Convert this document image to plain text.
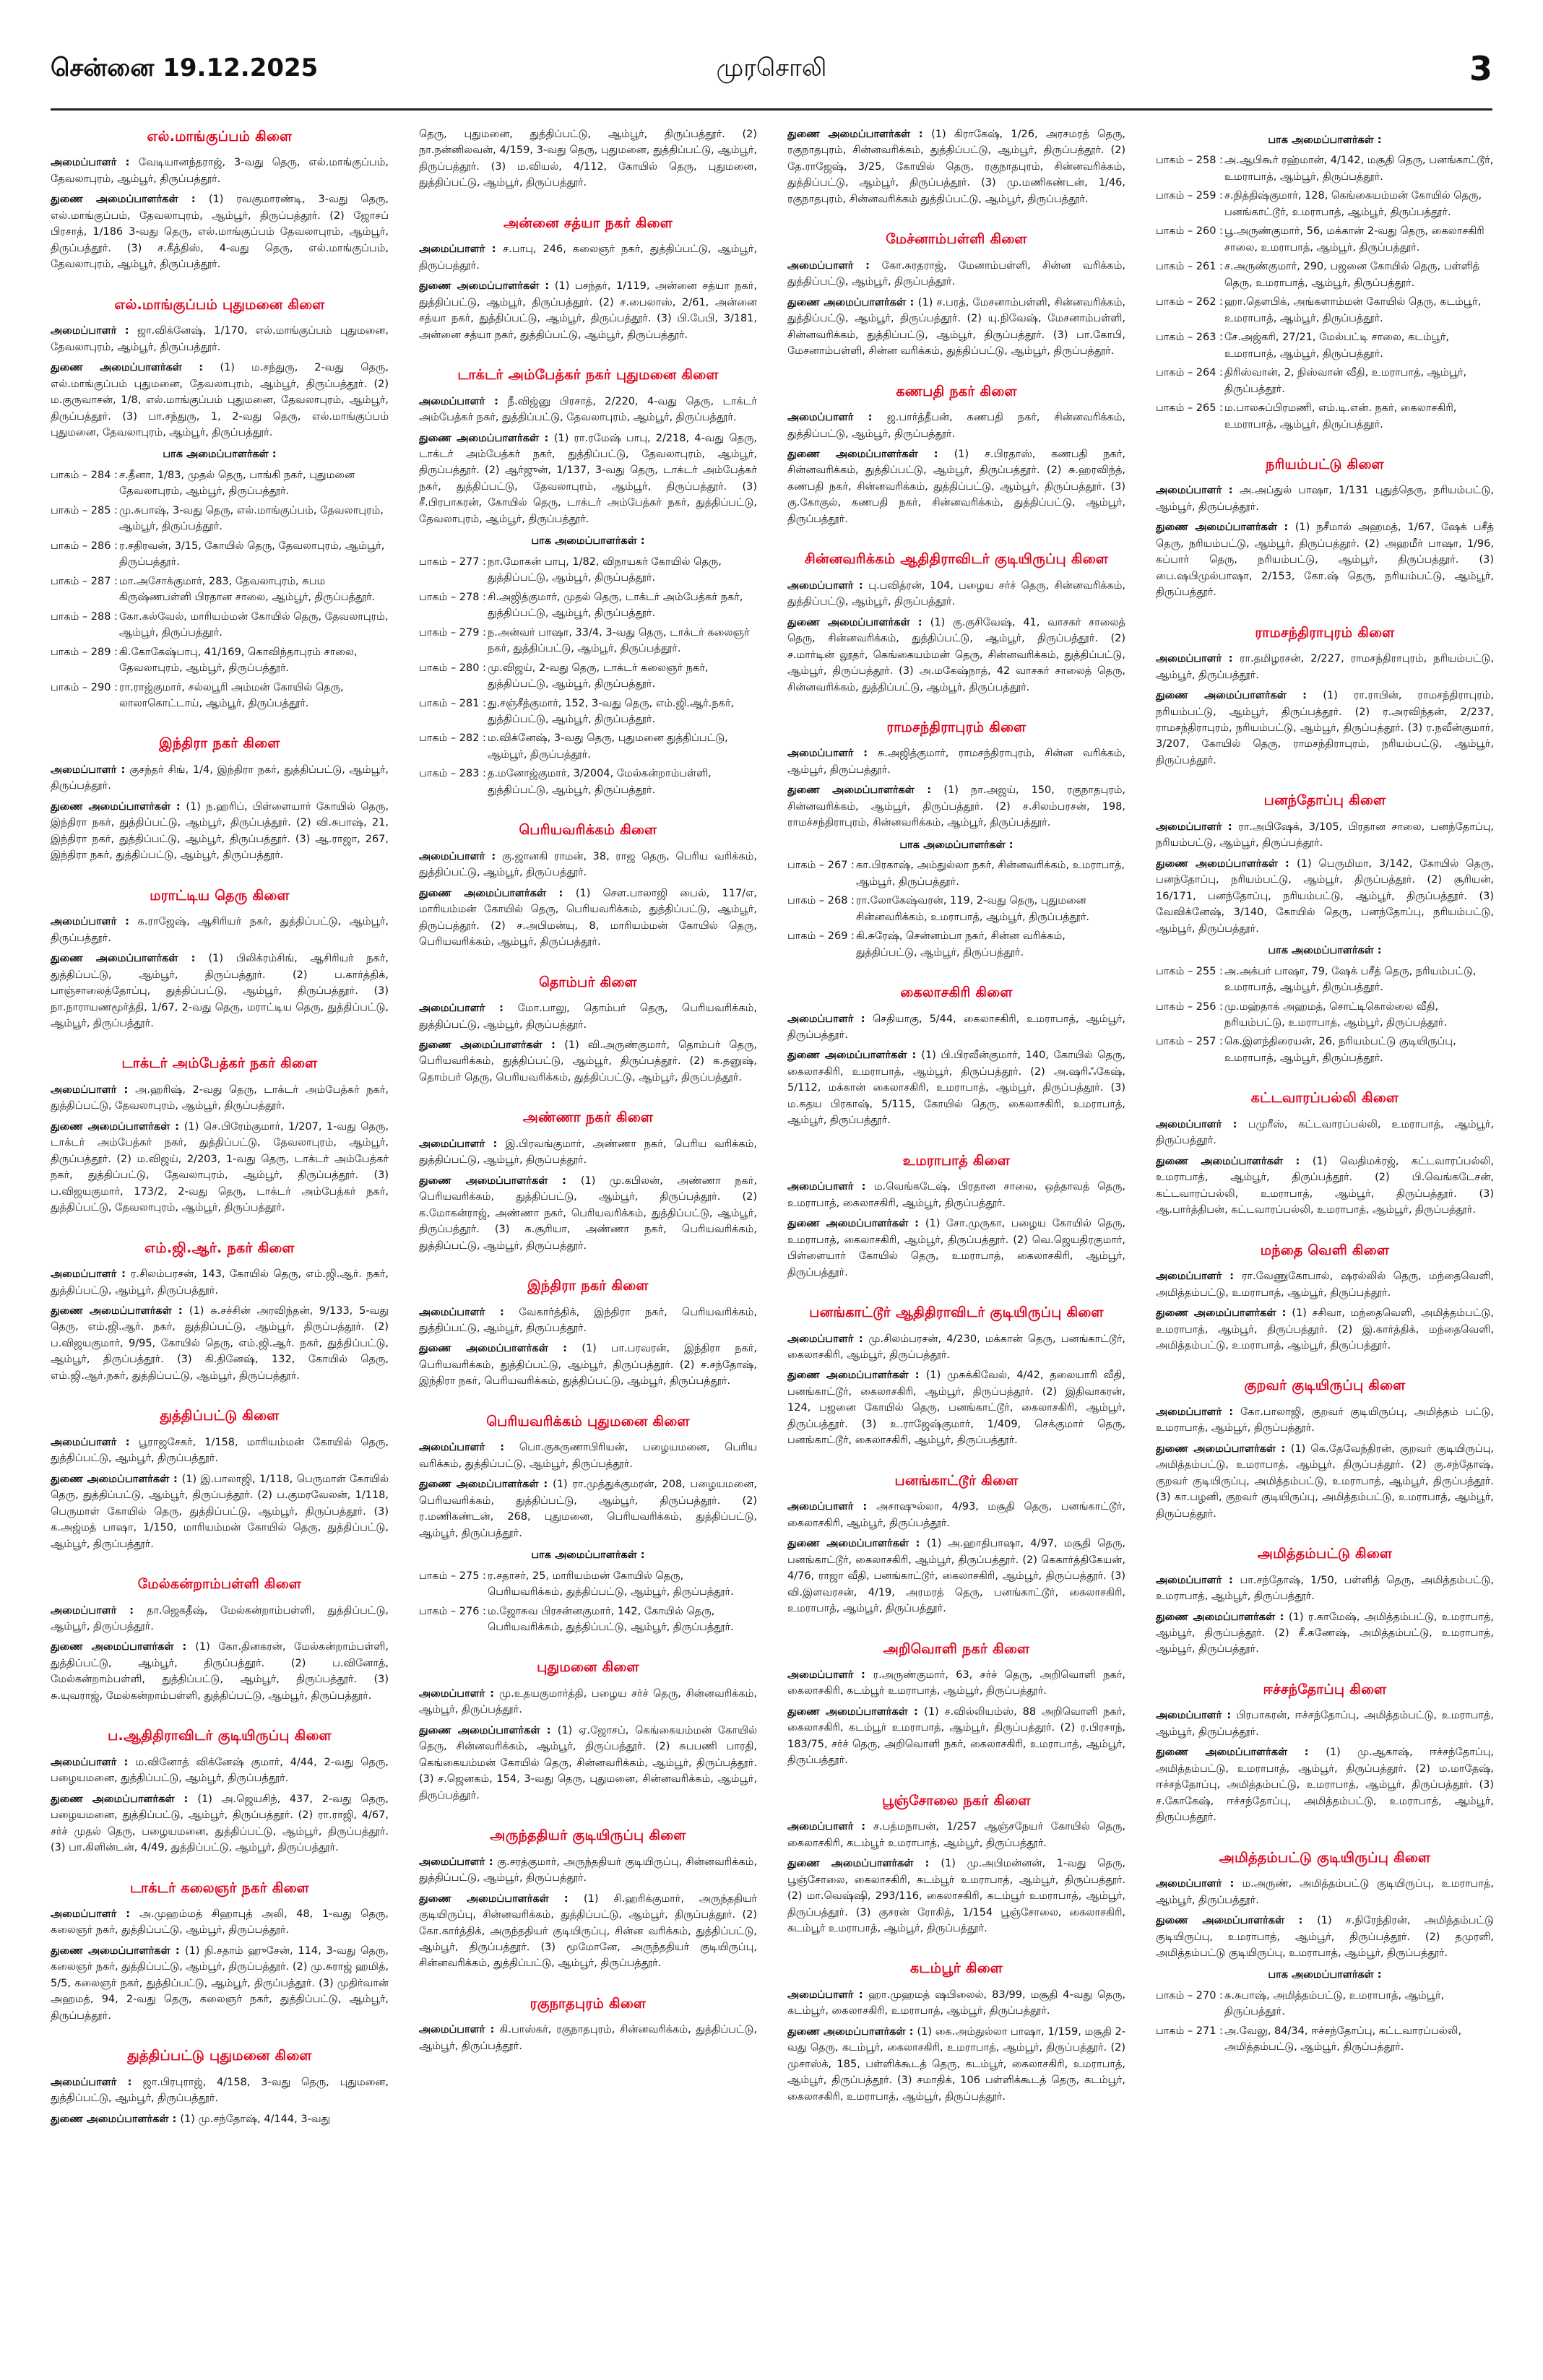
சென்னை 19.12.2025	முரசொலி	3
எல்.மாங்குப்பம் கிளை

அமைப்பாளர் : வேடியானந்தராஜ், 3-வது தெரு, எல்.மாங்குப்பம், தேவலாபுரம், ஆம்பூர், திருப்பத்தூர்.

துணை அமைப்பாளர்கள் : (1) ரவகுமாரண்டி, 3-வது தெரு, எல்.மாங்குப்பம், தேவலாபுரம், ஆம்பூர், திருப்பத்தூர். (2) ஜோசப் பிரசாத், 1/186 3-வது தெரு, எல்.மாங்குப்பம் தேவலாபுரம், ஆம்பூர், திருப்பத்தூர். (3) ச.கீத்திஸ், 4-வது தெரு, எல்.மாங்குப்பம், தேவலாபுரம், ஆம்பூர், திருப்பத்தூர்.

எல்.மாங்குப்பம் புதுமனை கிளை

அமைப்பாளர் : ஜா.விக்னேஷ், 1/170, எல்.மாங்குப்பம் புதுமனை, தேவலாபுரம், ஆம்பூர், திருப்பத்தூர்.

துணை அமைப்பாளர்கள் : (1) ம.சந்துரு, 2-வது தெரு, எல்.மாங்குப்பம் புதுமனை, தேவலாபுரம், ஆம்பூர், திருப்பத்தூர். (2) ம.குருவாசன், 1/8, எல்.மாங்குப்பம் புதுமனை, தேவலாபுரம், ஆம்பூர், திருப்பத்தூர். (3) பா.சந்துரு, 1, 2-வது தெரு, எல்.மாங்குப்பம் புதுமனை, தேவலாபுரம், ஆம்பூர், திருப்பத்தூர்.

பாக அமைப்பாளர்கள் :
பாகம் – 284 : ச.தீனா, 1/83, முதல் தெரு, பாங்கி நகர், புதுமனை தேவலாபுரம், ஆம்பூர், திருப்பத்தூர்.
பாகம் – 285 : மு.சுபாஷ், 3-வது தெரு, எல்.மாங்குப்பம், தேவலாபுரம், ஆம்பூர், திருப்பத்தூர்.
பாகம் – 286 : ர.சதிரவன், 3/15, கோயில் தெரு, தேவலாபுரம், ஆம்பூர், திருப்பத்தூர்.
பாகம் – 287 : மா.அசோக்குமார், 283, தேவலாபுரம், சுபம கிருஷ்ணபள்ளி பிரதான சாலை, ஆம்பூர், திருப்பத்தூர்.
பாகம் – 288 : கோ.கல்வேல், மாரியம்மன் கோயில் தெரு, தேவலாபுரம், ஆம்பூர், திருப்பத்தூர்.
பாகம் – 289 : கி.கோகேஷ்பாபு, 41/169, கொவிந்தாபுரம் சாலை, தேவலாபுரம், ஆம்பூர், திருப்பத்தூர்.
பாகம் – 290 : ரா.ராஜ்குமார், சல்லபூரி அம்மன் கோயில் தெரு, லாலாகொட்டாய், ஆம்பூர், திருப்பத்தூர்.
இந்திரா நகர் கிளை

அமைப்பாளர் : குசந்தர் சிங், 1/4, இந்திரா நகர், துத்திப்பட்டு, ஆம்பூர், திருப்பத்தூர்.

துணை அமைப்பாளர்கள் : (1) ந.ஹரிப், பிள்ளையார் கோயில் தெரு, இந்திரா நகர், துத்திப்பட்டு, ஆம்பூர், திருப்பத்தூர். (2) வி.சுபாஷ், 21, இந்திரா நகர், துத்திப்பட்டு, ஆம்பூர், திருப்பத்தூர். (3) ஆ.ராஜா, 267, இந்திரா நகர், துத்திப்பட்டு, ஆம்பூர், திருப்பத்தூர்.

மராட்டிய தெரு கிளை

அமைப்பாளர் : க.ராஜேஷ், ஆசிரியர் நகர், துத்திப்பட்டு, ஆம்பூர், திருப்பத்தூர்.

துணை அமைப்பாளர்கள் : (1) பிலிக்ரம்சிங், ஆசிரியர் நகர், துத்திப்பட்டு, ஆம்பூர், திருப்பத்தூர். (2) ப.கார்த்திக், பாஞ்சாலைத்தோப்பு, துத்திப்பட்டு, ஆம்பூர், திருப்பத்தூர். (3) நா.நாராயணமூர்த்தி, 1/67, 2-வது தெரு, மராட்டிய தெரு, துத்திப்பட்டு, ஆம்பூர், திருப்பத்தூர்.

டாக்டர் அம்பேத்கர் நகர் கிளை

அமைப்பாளர் : அ.ஹரிஷ், 2-வது தெரு, டாக்டர் அம்பேத்கர் நகர், துத்திப்பட்டு, தேவலாபுரம், ஆம்பூர், திருப்பத்தூர்.

துணை அமைப்பாளர்கள் : (1) செ.பிரேம்குமார், 1/207, 1-வது தெரு, டாக்டர் அம்பேத்கர் நகர், துத்திப்பட்டு, தேவலாபுரம், ஆம்பூர், திருப்பத்தூர். (2) ம.விஜய், 2/203, 1-வது தெரு, டாக்டர் அம்பேத்கர் நகர், துத்திப்பட்டு, தேவலாபுரம், ஆம்பூர், திருப்பத்தூர். (3) ப.விஜயகுமார், 173/2, 2-வது தெரு, டாக்டர் அம்பேத்கர் நகர், துத்திப்பட்டு, தேவலாபுரம், ஆம்பூர், திருப்பத்தூர்.

எம்.ஜி.ஆர். நகர் கிளை

அமைப்பாளர் : ர.சிலம்பரசன், 143, கோயில் தெரு, எம்.ஜி.ஆர். நகர், துத்திப்பட்டு, ஆம்பூர், திருப்பத்தூர்.

துணை அமைப்பாளர்கள் : (1) சு.சச்சின் அரவிந்தன், 9/133, 5-வது தெரு, எம்.ஜி.ஆர். நகர், துத்திப்பட்டு, ஆம்பூர், திருப்பத்தூர். (2) ப.விஜயகுமார், 9/95, கோயில் தெரு, எம்.ஜி.ஆர். நகர், துத்திப்பட்டு, ஆம்பூர், திருப்பத்தூர். (3) கி.தினேஷ், 132, கோயில் தெரு, எம்.ஜி.ஆர்.நகர், துத்திப்பட்டு, ஆம்பூர், திருப்பத்தூர்.

துத்திப்பட்டு கிளை

அமைப்பாளர் : பூராஜசேகர், 1/158, மாரியம்மன் கோயில் தெரு, துத்திப்பட்டு, ஆம்பூர், திருப்பத்தூர்.

துணை அமைப்பாளர்கள் : (1) இ.பாலாஜி, 1/118, பெருமாள் கோயில் தெரு, துத்திப்பட்டு, ஆம்பூர், திருப்பத்தூர். (2) ப.குமரவேலன், 1/118, பெருமாள் கோயில் தெரு, துத்திப்பட்டு, ஆம்பூர், திருப்பத்தூர். (3) க.அஜ்மத் பாஷா, 1/150, மாரியம்மன் கோயில் தெரு, துத்திப்பட்டு, ஆம்பூர், திருப்பத்தூர்.

மேல்கன்றாம்பள்ளி கிளை

அமைப்பாளர் : தா.ஜெகதீஷ், மேல்கன்றாம்பள்ளி, துத்திப்பட்டு, ஆம்பூர், திருப்பத்தூர்.

துணை அமைப்பாளர்கள் : (1) கோ.தினகரன், மேல்கன்றாம்பள்ளி, துத்திப்பட்டு, ஆம்பூர், திருப்பத்தூர். (2) ப.வினோத், மேல்கன்றாம்பள்ளி, துத்திப்பட்டு, ஆம்பூர், திருப்பத்தூர். (3) சு.யுவராஜ், மேல்கன்றாம்பள்ளி, துத்திப்பட்டு, ஆம்பூர், திருப்பத்தூர்.

ப.ஆதிதிராவிடர் குடியிருப்பு கிளை

அமைப்பாளர் : ம.வினோத் விக்னேஷ் குமார், 4/44, 2-வது தெரு, பழையமனை, துத்திப்பட்டு, ஆம்பூர், திருப்பத்தூர்.

துணை அமைப்பாளர்கள் : (1) அ.ஜெயசிந், 437, 2-வது தெரு, பழையமனை, துத்திப்பட்டு, ஆம்பூர், திருப்பத்தூர். (2) ரா.ராஜி, 4/67, சர்ச் முதல் தெரு, பழையமனை, துத்திப்பட்டு, ஆம்பூர், திருப்பத்தூர். (3) பா.கிளின்டன், 4/49, துத்திப்பட்டு, ஆம்பூர், திருப்பத்தூர்.

டாக்டர் கலைஞர் நகர் கிளை

அமைப்பாளர் : அ.முஹம்மத் சிஹாபுத் அலி, 48, 1-வது தெரு, கலைஞர் நகர், துத்திப்பட்டு, ஆம்பூர், திருப்பத்தூர்.

துணை அமைப்பாளர்கள் : (1) நி.சதாம் ஹுசேன், 114, 3-வது தெரு, கலைஞர் நகர், துத்திப்பட்டு, ஆம்பூர், திருப்பத்தூர். (2) மு.சுராஜ் ஹமித், 5/5, கலைஞர் நகர், துத்திப்பட்டு, ஆம்பூர், திருப்பத்தூர். (3) முதிர்வான் அஹமத், 94, 2-வது தெரு, கலைஞர் நகர், துத்திப்பட்டு, ஆம்பூர், திருப்பத்தூர்.

துத்திப்பட்டு புதுமனை கிளை

அமைப்பாளர் : ஜா.பிரபுராஜ், 4/158, 3-வது தெரு, புதுமனை, துத்திப்பட்டு, ஆம்பூர், திருப்பத்தூர்.

துணை அமைப்பாளர்கள் : (1) மு.சந்தோஷ், 4/144, 3-வது

தெரு, புதுமனை, துத்திப்பட்டு, ஆம்பூர், திருப்பத்தூர். (2) நா.நன்னிலவன், 4/159, 3-வது தெரு, புதுமனை, துத்திப்பட்டு, ஆம்பூர், திருப்பத்தூர். (3) ம.வியல், 4/112, கோயில் தெரு, புதுமனை, துத்திப்பட்டு, ஆம்பூர், திருப்பத்தூர்.

அன்னை சத்யா நகர் கிளை

அமைப்பாளர் : ச.பாபு, 246, கலைஞர் நகர், துத்திப்பட்டு, ஆம்பூர், திருப்பத்தூர்.

துணை அமைப்பாளர்கள் : (1) பசந்தர், 1/119, அன்னை சத்யா நகர், துத்திப்பட்டு, ஆம்பூர், திருப்பத்தூர். (2) ச.பைலாஸ், 2/61, அன்னை சத்யா நகர், துத்திப்பட்டு, ஆம்பூர், திருப்பத்தூர். (3) பி.பேபி, 3/181, அன்னை சத்யா நகர், துத்திப்பட்டு, ஆம்பூர், திருப்பத்தூர்.

டாக்டர் அம்பேத்கர் நகர் புதுமனை கிளை

அமைப்பாளர் : நீ.விஜ்னு பிரசாத், 2/220, 4-வது தெரு, டாக்டர் அம்பேத்கர் நகர், துத்திப்பட்டு, தேவலாபுரம், ஆம்பூர், திருப்பத்தூர்.

துணை அமைப்பாளர்கள் : (1) ரா.ரமேஷ் பாபு, 2/218, 4-வது தெரு, டாக்டர் அம்பேத்கர் நகர், துத்திப்பட்டு, தேவலாபுரம், ஆம்பூர், திருப்பத்தூர். (2) ஆர்ஜுன், 1/137, 3-வது தெரு, டாக்டர் அம்பேத்கர் நகர், துத்திப்பட்டு, தேவலாபுரம், ஆம்பூர், திருப்பத்தூர். (3) சீ.பிரபாகரன், கோயில் தெரு, டாக்டர் அம்பேத்கர் நகர், துத்திப்பட்டு, தேவலாபுரம், ஆம்பூர், திருப்பத்தூர்.

பாக அமைப்பாளர்கள் :
பாகம் – 277 : நா.மோகன் பாபு, 1/82, விநாயகர் கோயில் தெரு, துத்திப்பட்டு, ஆம்பூர், திருப்பத்தூர்.
பாகம் – 278 : சி.அஜித்குமார், முதல் தெரு, டாக்டர் அம்பேத்கர் நகர், துத்திப்பட்டு, ஆம்பூர், திருப்பத்தூர்.
பாகம் – 279 : ந.அன்வர் பாஷா, 33/4, 3-வது தெரு, டாக்டர் கலைஞர் நகர், துத்திப்பட்டு, ஆம்பூர், திருப்பத்தூர்.
பாகம் – 280 : மு.விஜய், 2-வது தெரு, டாக்டர் கலைஞர் நகர், துத்திப்பட்டு, ஆம்பூர், திருப்பத்தூர்.
பாகம் – 281 : து.சஞ்சீத்குமார், 152, 3-வது தெரு, எம்.ஜி.ஆர்.நகர், துத்திப்பட்டு, ஆம்பூர், திருப்பத்தூர்.
பாகம் – 282 : ம.விக்னேஷ், 3-வது தெரு, புதுமனை துத்திப்பட்டு, ஆம்பூர், திருப்பத்தூர்.
பாகம் – 283 : த.மனோஜ்குமார், 3/2004, மேல்கன்றாம்பள்ளி, துத்திப்பட்டு, ஆம்பூர், திருப்பத்தூர்.
பெரியவரிக்கம் கிளை

அமைப்பாளர் : கு.ஜானகி ராமன், 38, ராஜ தெரு, பெரிய வரிக்கம், துத்திப்பட்டு, ஆம்பூர், திருப்பத்தூர்.

துணை அமைப்பாளர்கள் : (1) சௌ.பாலாஜி பைல், 117/எ, மாரியம்மன் கோயில் தெரு, பெரியவரிக்கம், துத்திப்பட்டு, ஆம்பூர், திருப்பத்தூர். (2) ச.அபிமன்யு, 8, மாரியம்மன் கோயில் தெரு, பெரியவரிக்கம், ஆம்பூர், திருப்பத்தூர்.

தொம்பர் கிளை

அமைப்பாளர் : மோ.பாலு, தொம்பர் தெரு, பெரியவரிக்கம், துத்திப்பட்டு, ஆம்பூர், திருப்பத்தூர்.

துணை அமைப்பாளர்கள் : (1) வி.அருண்குமார், தொம்பர் தெரு, பெரியவரிக்கம், துத்திப்பட்டு, ஆம்பூர், திருப்பத்தூர். (2) க.தனுஷ், தொம்பர் தெரு, பெரியவரிக்கம், துத்திப்பட்டு, ஆம்பூர், திருப்பத்தூர்.

அண்ணா நகர் கிளை

அமைப்பாளர் : இ.பிரவங்குமார், அண்ணா நகர், பெரிய வரிக்கம், துத்திப்பட்டு, ஆம்பூர், திருப்பத்தூர்.

துணை அமைப்பாளர்கள் : (1) மு.கபிலன், அண்ணா நகர், பெரியவரிக்கம், துத்திப்பட்டு, ஆம்பூர், திருப்பத்தூர். (2) க.மோகன்ராஜ், அண்ணா நகர், பெரியவரிக்கம், துத்திப்பட்டு, ஆம்பூர், திருப்பத்தூர். (3) க.சூரியா, அண்ணா நகர், பெரியவரிக்கம், துத்திப்பட்டு, ஆம்பூர், திருப்பத்தூர்.

இந்திரா நகர் கிளை

அமைப்பாளர் : வேகார்த்திக், இந்திரா நகர், பெரியவரிக்கம், துத்திப்பட்டு, ஆம்பூர், திருப்பத்தூர்.

துணை அமைப்பாளர்கள் : (1) பா.பரவரன், இந்திரா நகர், பெரியவரிக்கம், துத்திப்பட்டு, ஆம்பூர், திருப்பத்தூர். (2) ச.சந்தோஷ், இந்திரா நகர், பெரியவரிக்கம், துத்திப்பட்டு, ஆம்பூர், திருப்பத்தூர்.

பெரியவரிக்கம் புதுமனை கிளை

அமைப்பாளர் : பொ.குகருணாபிரியன், பழையமனை, பெரிய வரிக்கம், துத்திப்பட்டு, ஆம்பூர், திருப்பத்தூர்.

துணை அமைப்பாளர்கள் : (1) ரா.முத்துக்குமரன், 208, பழையமனை, பெரியவரிக்கம், துத்திப்பட்டு, ஆம்பூர், திருப்பத்தூர். (2) ர.மணிகண்டன், 268, புதுமனை, பெரியவரிக்கம், துத்திப்பட்டு, ஆம்பூர், திருப்பத்தூர்.

பாக அமைப்பாளர்கள் :
பாகம் – 275 : ர.சதாசர், 25, மாரியம்மன் கோயில் தெரு, பெரியவரிக்கம், துத்திப்பட்டு, ஆம்பூர், திருப்பத்தூர்.
பாகம் – 276 : ம.ஜோசுவ பிரசன்னகுமார், 142, கோயில் தெரு, பெரியவரிக்கம், துத்திப்பட்டு, ஆம்பூர், திருப்பத்தூர்.
புதுமனை கிளை

அமைப்பாளர் : மு.உதயகுமார்த்தி, பழைய சர்ச் தெரு, சின்னவரிக்கம், ஆம்பூர், திருப்பத்தூர்.

துணை அமைப்பாளர்கள் : (1) ஏ.ஜோசப், கெங்கையம்மன் கோயில் தெரு, சின்னவரிக்கம், ஆம்பூர், திருப்பத்தூர். (2) சுபபணி பாரதி, கெங்கையம்மன் கோயில் தெரு, சின்னவரிக்கம், ஆம்பூர், திருப்பத்தூர். (3) ச.ஜெனகம், 154, 3-வது தெரு, புதுமனை, சின்னவரிக்கம், ஆம்பூர், திருப்பத்தூர்.

அருந்ததியர் குடியிருப்பு கிளை

அமைப்பாளர் : கு.சரத்குமார், அருந்ததியர் குடியிருப்பு, சின்னவரிக்கம், துத்திப்பட்டு, ஆம்பூர், திருப்பத்தூர்.

துணை அமைப்பாளர்கள் : (1) சி.ஹரிக்குமார், அருந்ததியர் குடியிருப்பு, சின்னவரிக்கம், துத்திப்பட்டு, ஆம்பூர், திருப்பத்தூர். (2) கோ.கார்த்திக், அருந்ததியர் குடியிருப்பு, சின்ன வரிக்கம், துத்திப்பட்டு, ஆம்பூர், திருப்பத்தூர். (3) மூமோனே, அருந்ததியர் குடியிருப்பு, சின்னவரிக்கம், துத்திப்பட்டு, ஆம்பூர், திருப்பத்தூர்.

ரகுநாதபுரம் கிளை

அமைப்பாளர் : கி.பாஸ்கர், ரகுநாதபுரம், சின்னவரிக்கம், துத்திப்பட்டு, ஆம்பூர், திருப்பத்தூர்.

துணை அமைப்பாளர்கள் : (1) கிராகேஷ், 1/26, அரசமரத் தெரு, ரகுநாதபுரம், சின்னவரிக்கம், துத்திப்பட்டு, ஆம்பூர், திருப்பத்தூர். (2) தே.ராஜேஷ், 3/25, கோயில் தெரு, ரகுநாதபுரம், சின்னவரிக்கம், துத்திப்பட்டு, ஆம்பூர், திருப்பத்தூர். (3) மு.மணிகண்டன், 1/46, ரகுநாதபுரம், சின்னவரிக்கம் துத்திப்பட்டு, ஆம்பூர், திருப்பத்தூர்.

மேச்னாம்பள்ளி கிளை

அமைப்பாளர் : கோ.சுரதராஜ், மேனாம்பள்ளி, சின்ன வரிக்கம், துத்திப்பட்டு, ஆம்பூர், திருப்பத்தூர்.

துணை அமைப்பாளர்கள் : (1) ச.பரத், மேசனாம்பள்ளி, சின்னவரிக்கம், துத்திப்பட்டு, ஆம்பூர், திருப்பத்தூர். (2) யு.நிவேஷ், மேசனாம்பள்ளி, சின்னவரிக்கம், துத்திப்பட்டு, ஆம்பூர், திருப்பத்தூர். (3) பா.கோபி, மேசனாம்பள்ளி, சின்ன வரிக்கம், துத்திப்பட்டு, ஆம்பூர், திருப்பத்தூர்.

கணபதி நகர் கிளை

அமைப்பாளர் : ஜ.பார்த்தீபன், கணபதி நகர், சின்னவரிக்கம், துத்திப்பட்டு, ஆம்பூர், திருப்பத்தூர்.

துணை அமைப்பாளர்கள் : (1) ச.பிரதாஸ், கணபதி நகர், சின்னவரிக்கம், துத்திப்பட்டு, ஆம்பூர், திருப்பத்தூர். (2) சு.ஹரவிந்த், கணபதி நகர், சின்னவரிக்கம், துத்திப்பட்டு, ஆம்பூர், திருப்பத்தூர். (3) கு.கோகுல், கணபதி நகர், சின்னவரிக்கம், துத்திப்பட்டு, ஆம்பூர், திருப்பத்தூர்.

சின்னவரிக்கம் ஆதிதிராவிடர் குடியிருப்பு கிளை

அமைப்பாளர் : பு.பவித்ரன், 104, பழைய சர்ச் தெரு, சின்னவரிக்கம், துத்திப்பட்டு, ஆம்பூர், திருப்பத்தூர்.

துணை அமைப்பாளர்கள் : (1) கு.குசிவேஷ், 41, வாசகர் சாலைத் தெரு, சின்னவரிக்கம், துத்திப்பட்டு, ஆம்பூர், திருப்பத்தூர். (2) ச.மார்டின் லூதர், கெங்கையம்மன் தெரு, சின்னவரிக்கம், துத்திப்பட்டு, ஆம்பூர், திருப்பத்தூர். (3) அ.மகேஷ்நாத், 42 வாசகர் சாலைத் தெரு, சின்னவரிக்கம், துத்திப்பட்டு, ஆம்பூர், திருப்பத்தூர்.

ராமசந்திராபுரம் கிளை

அமைப்பாளர் : சு.அஜித்குமார், ராமசந்திராபுரம், சின்ன வரிக்கம், ஆம்பூர், திருப்பத்தூர்.

துணை அமைப்பாளர்கள் : (1) நா.அஜய், 150, ரகுநாதபுரம், சின்னவரிக்கம், ஆம்பூர், திருப்பத்தூர். (2) ச.சிலம்பரசன், 198, ராமச்சந்திராபுரம், சின்னவரிக்கம், ஆம்பூர், திருப்பத்தூர்.

பாக அமைப்பாளர்கள் :
பாகம் – 267 : கா.பிரகாஷ், அம்துல்லா நகர், சின்னவரிக்கம், உமராபாத், ஆம்பூர், திருப்பத்தூர்.
பாகம் – 268 : ரா.லோகேஷ்வரன், 119, 2-வது தெரு, புதுமனை சின்னவரிக்கம், உமராபாத், ஆம்பூர், திருப்பத்தூர்.
பாகம் – 269 : கி.சுரேஷ், சென்னம்பா நகர், சின்ன வரிக்கம், துத்திப்பட்டு, ஆம்பூர், திருப்பத்தூர்.
கைலாசகிரி கிளை

அமைப்பாளர் : செதியாகு, 5/44, கைலாசகிரி, உமராபாத், ஆம்பூர், திருப்பத்தூர்.

துணை அமைப்பாளர்கள் : (1) பி.பிரவீன்குமார், 140, கோயில் தெரு, கைலாசகிரி, உமராபாத், ஆம்பூர், திருப்பத்தூர். (2) அ.ஷரிஃகேஷ், 5/112, மக்கான் கைலாசகிரி, உமராபாத், ஆம்பூர், திருப்பத்தூர். (3) ம.சுதய பிரகாஷ், 5/115, கோயில் தெரு, கைலாசகிரி, உமராபாத், ஆம்பூர், திருப்பத்தூர்.

உமராபாத் கிளை

அமைப்பாளர் : ம.வெங்கடேஷ், பிரதான சாலை, ஒத்தாவத் தெரு, உமராபாத், கைலாசகிரி, ஆம்பூர், திருப்பத்தூர்.

துணை அமைப்பாளர்கள் : (1) சோ.முருகா, பழைய கோயில் தெரு, உமராபாத், கைலாசகிரி, ஆம்பூர், திருப்பத்தூர். (2) வெ.ஜெயதிரகுமார், பிள்ளையார் கோயில் தெரு, உமராபாத், கைலாசகிரி, ஆம்பூர், திருப்பத்தூர்.

பனங்காட்டூர் ஆதிதிராவிடர் குடியிருப்பு கிளை

அமைப்பாளர் : மு.சிலம்பரசன், 4/230, மக்கான் தெரு, பனங்காட்டூர், கைலாசகிரி, ஆம்பூர், திருப்பத்தூர்.

துணை அமைப்பாளர்கள் : (1) முசுக்கிவேல், 4/42, தலையாரி வீதி, பனங்காட்டூர், கைலாசகிரி, ஆம்பூர், திருப்பத்தூர். (2) இதிவாகரன், 124, பஜனை கோயில் தெரு, பனங்காட்டூர், கைலாசகிரி, ஆம்பூர், திருப்பத்தூர். (3) உ.ராஜேஷ்குமார், 1/409, செக்குமார் தெரு, பனங்காட்டூர், கைலாசகிரி, ஆம்பூர், திருப்பத்தூர்.

பனங்காட்டூர் கிளை

அமைப்பாளர் : அசாஷுல்லா, 4/93, மசூதி தெரு, பனங்காட்டூர், கைலாசகிரி, ஆம்பூர், திருப்பத்தூர்.

துணை அமைப்பாளர்கள் : (1) அ.ஹாதிபாஷா, 4/97, மசூதி தெரு, பனங்காட்டூர், கைலாசகிரி, ஆம்பூர், திருப்பத்தூர். (2) கெகார்த்திகேயன், 4/76, ராஜா வீதி, பனங்காட்டூர், கைலாசகிரி, ஆம்பூர், திருப்பத்தூர். (3) வி.இளவரசன், 4/19, அரமரத் தெரு, பனங்காட்டூர், கைலாசகிரி, உமராபாத், ஆம்பூர், திருப்பத்தூர்.

அறிவொளி நகர் கிளை

அமைப்பாளர் : ர.அருண்குமார், 63, சர்ச் தெரு, அறிவொளி நகர், கைலாசகிரி, கடம்பூர் உமராபாத், ஆம்பூர், திருப்பத்தூர்.

துணை அமைப்பாளர்கள் : (1) ச.வில்லியம்ஸ், 88 அறிவொளி நகர், கைலாசகிரி, கடம்பூர் உமராபாத், ஆம்பூர், திருப்பத்தூர். (2) ர.பிரசாந், 183/75, சர்ச் தெரு, அறிவொளி நகர், கைலாசகிரி, உமராபாத், ஆம்பூர், திருப்பத்தூர்.

பூஞ்சோலை நகர் கிளை

அமைப்பாளர் : ச.பத்மநாபன், 1/257 ஆஞ்சநேயர் கோயில் தெரு, கைலாசகிரி, கடம்பூர் உமராபாத், ஆம்பூர், திருப்பத்தூர்.

துணை அமைப்பாளர்கள் : (1) மு.அபிமன்னன், 1-வது தெரு, பூஞ்சோலை, கைலாசகிரி, கடம்பூர் உமராபாத், ஆம்பூர், திருப்பத்தூர். (2) மா.வெஷ்ஷி, 293/116, கைலாசகிரி, கடம்பூர் உமராபாத், ஆம்பூர், திருப்பத்தூர். (3) குசரன் ரோகித், 1/154 பூஞ்சோலை, கைலாசகிரி, கடம்பூர் உமராபாத், ஆம்பூர், திருப்பத்தூர்.

கடம்பூர் கிளை

அமைப்பாளர் : ஹா.முஹமத் ஷபிலைல், 83/99, மசூதி 4-வது தெரு, கடம்பூர், கைலாசகிரி, உமராபாத், ஆம்பூர், திருப்பத்தூர்.

துணை அமைப்பாளர்கள் : (1) கை.அம்துல்லா பாஷா, 1/159, மசூதி 2-வது தெரு, கடம்பூர், கைலாசகிரி, உமராபாத், ஆம்பூர், திருப்பத்தூர். (2) முசாஸ்க், 185, பள்ளிக்கூடத் தெரு, கடம்பூர், கைலாசகிரி, உமராபாத், ஆம்பூர், திருப்பத்தூர். (3) சமாதிக், 106 பள்ளிக்கூடத் தெரு, கடம்பூர், கைலாசகிரி, உமராபாத், ஆம்பூர், திருப்பத்தூர்.

பாக அமைப்பாளர்கள் :
பாகம் – 258 : அ.ஆபிகூர் ரஹ்மான், 4/142, மசூதி தெரு, பனங்காட்டூர், உமராபாத், ஆம்பூர், திருப்பத்தூர்.
பாகம் – 259 : ச.நித்திஷ்குமார், 128, கெங்கையம்மன் கோயில் தெரு, பனங்காட்டூர், உமராபாத், ஆம்பூர், திருப்பத்தூர்.
பாகம் – 260 : பூ.அருண்குமார், 56, மக்கான் 2-வது தெரு, கைலாசகிரி சாலை, உமராபாத், ஆம்பூர், திருப்பத்தூர்.
பாகம் – 261 : ச.அருண்குமார், 290, பஜனை கோயில் தெரு, பள்ளித் தெரு, உமராபாத், ஆம்பூர், திருப்பத்தூர்.
பாகம் – 262 : ஹா.தௌபிக், அங்களாம்மன் கோயில் தெரு, கடம்பூர், உமராபாத், ஆம்பூர், திருப்பத்தூர்.
பாகம் – 263 : சே.அஜ்கரி, 27/21, மேல்பட்டி சாலை, கடம்பூர், உமராபாத், ஆம்பூர், திருப்பத்தூர்.
பாகம் – 264 : திரிஸ்வான், 2, நிஸ்வான் வீதி, உமராபாத், ஆம்பூர், திருப்பத்தூர்.
பாகம் – 265 : ம.பாலசுப்பிரமணி, எம்.டி.என். நகர், கைலாசகிரி, உமராபாத், ஆம்பூர், திருப்பத்தூர்.
நரியம்பட்டு கிளை

அமைப்பாளர் : அ.அப்துல் பாஷா, 1/131 புதுத்தெரு, நரியம்பட்டு, ஆம்பூர், திருப்பத்தூர்.

துணை அமைப்பாளர்கள் : (1) நசீமால் அஹமத், 1/67, ஷேக் பசீத் தெரு, நரியம்பட்டு, ஆம்பூர், திருப்பத்தூர். (2) அஹமீர் பாஷா, 1/96, கப்பார் தெரு, நரியம்பட்டு, ஆம்பூர், திருப்பத்தூர். (3) பை.ஷபிமுல்பாஷா, 2/153, கோ.ஷ் தெரு, நரியம்பட்டு, ஆம்பூர், திருப்பத்தூர்.

ராமசந்திராபுரம் கிளை

அமைப்பாளர் : ரா.தமிழரசன், 2/227, ராமசந்திராபுரம், நரியம்பட்டு, ஆம்பூர், திருப்பத்தூர்.

துணை அமைப்பாளர்கள் : (1) ரா.ராபின், ராமசந்திராபுரம், நரியம்பட்டு, ஆம்பூர், திருப்பத்தூர். (2) ர.அரவிந்தன், 2/237, ராமசந்திராபுரம், நரியம்பட்டு, ஆம்பூர், திருப்பத்தூர். (3) ர.நவீன்குமார், 3/207, கோயில் தெரு, ராமசந்திராபுரம், நரியம்பட்டு, ஆம்பூர், திருப்பத்தூர்.

பனந்தோப்பு கிளை

அமைப்பாளர் : ரா.அபிஷேக், 3/105, பிரதான சாலை, பனந்தோப்பு, நரியம்பட்டு, ஆம்பூர், திருப்பத்தூர்.

துணை அமைப்பாளர்கள் : (1) பெருமிமா, 3/142, கோயில் தெரு, பனந்தோப்பு, நரியம்பட்டு, ஆம்பூர், திருப்பத்தூர். (2) சூரியன், 16/171, பனந்தோப்பு, நரியம்பட்டு, ஆம்பூர், திருப்பத்தூர். (3) வேவிக்னேஷ், 3/140, கோயில் தெரு, பனந்தோப்பு, நரியம்பட்டு, ஆம்பூர், திருப்பத்தூர்.

பாக அமைப்பாளர்கள் :
பாகம் – 255 : அ.அக்பர் பாஷா, 79, ஷேக் பசீத் தெரு, நரியம்பட்டு, உமராபாத், ஆம்பூர், திருப்பத்தூர்.
பாகம் – 256 : மு.மஹ்தாக் அஹமத், சொட்டிகொல்லை வீதி, நரியம்பட்டு, உமராபாத், ஆம்பூர், திருப்பத்தூர்.
பாகம் – 257 : கெ.இளந்திரையன், 26, நரியம்பட்டு குடியிருப்பு, உமராபாத், ஆம்பூர், திருப்பத்தூர்.
கட்டவாரப்பல்லி கிளை

அமைப்பாளர் : பமுரீஸ், கட்டவாரப்பல்லி, உமராபாத், ஆம்பூர், திருப்பத்தூர்.

துணை அமைப்பாளர்கள் : (1) வெதிமக்ரஜ், கட்டவாரப்பல்லி, உமராபாத், ஆம்பூர், திருப்பத்தூர். (2) பி.வெங்கடேசன், கட்டவாரப்பல்லி, உமராபாத், ஆம்பூர், திருப்பத்தூர். (3) ஆ.பார்த்திபன், கட்டவாரப்பல்லி, உமராபாத், ஆம்பூர், திருப்பத்தூர்.

மந்தை வெளி கிளை

அமைப்பாளர் : ரா.வேணுகோபால், ஷரல்லில் தெரு, மந்தைவெளி, அமித்தம்பட்டு, உமராபாத், ஆம்பூர், திருப்பத்தூர்.

துணை அமைப்பாளர்கள் : (1) சசிவா, மந்தைவெளி, அமித்தம்பட்டு, உமராபாத், ஆம்பூர், திருப்பத்தூர். (2) இ.கார்த்திக், மந்தைவெளி, அமித்தம்பட்டு, உமராபாத், ஆம்பூர், திருப்பத்தூர்.

குறவர் குடியிருப்பு கிளை

அமைப்பாளர் : கோ.பாலாஜி, குறவர் குடியிருப்பு, அமித்தம் பட்டு, உமராபாத், ஆம்பூர், திருப்பத்தூர்.

துணை அமைப்பாளர்கள் : (1) கெ.தேவேந்திரன், குறவர் குடியிருப்பு, அமித்தம்பட்டு, உமராபாத், ஆம்பூர், திருப்பத்தூர். (2) கு.சந்தோஷ், குறவர் குடியிருப்பு, அமித்தம்பட்டு, உமராபாத், ஆம்பூர், திருப்பத்தூர். (3) கா.பழனி, குறவர் குடியிருப்பு, அமித்தம்பட்டு, உமராபாத், ஆம்பூர், திருப்பத்தூர்.

அமித்தம்பட்டு கிளை

அமைப்பாளர் : பா.சந்தோஷ், 1/50, பள்ளித் தெரு, அமித்தம்பட்டு, உமராபாத், ஆம்பூர், திருப்பத்தூர்.

துணை அமைப்பாளர்கள் : (1) ர.காமேஷ், அமித்தம்பட்டு, உமராபாத், ஆம்பூர், திருப்பத்தூர். (2) சீ.கணேஷ், அமித்தம்பட்டு, உமராபாத், ஆம்பூர், திருப்பத்தூர்.

ஈச்சந்தோப்பு கிளை

அமைப்பாளர் : பிரபாகரன், ஈச்சந்தோப்பு, அமித்தம்பட்டு, உமராபாத், ஆம்பூர், திருப்பத்தூர்.

துணை அமைப்பாளர்கள் : (1) மு.ஆகாஷ், ஈச்சந்தோப்பு, அமித்தம்பட்டு, உமராபாத், ஆம்பூர், திருப்பத்தூர். (2) ம.மாதேஷ், ஈச்சந்தோப்பு, அமித்தம்பட்டு, உமராபாத், ஆம்பூர், திருப்பத்தூர். (3) ச.கோகேஷ், ஈச்சந்தோப்பு, அமித்தம்பட்டு, உமராபாத், ஆம்பூர், திருப்பத்தூர்.

அமித்தம்பட்டு குடியிருப்பு கிளை

அமைப்பாளர் : ம.அருண், அமித்தம்பட்டு குடியிருப்பு, உமராபாத், ஆம்பூர், திருப்பத்தூர்.

துணை அமைப்பாளர்கள் : (1) ச.நிரேந்திரன், அமித்தம்பட்டு குடியிருப்பு, உமராபாத், ஆம்பூர், திருப்பத்தூர். (2) தமுரளி, அமித்தம்பட்டு குடியிருப்பு, உமராபாத், ஆம்பூர், திருப்பத்தூர்.

பாக அமைப்பாளர்கள் :
பாகம் – 270 : சு.சுபாஷ், அமித்தம்பட்டு, உமராபாத், ஆம்பூர், திருப்பத்தூர்.
பாகம் – 271 : அ.வேலு, 84/34, ஈச்சந்தோப்பு, கட்டவாரப்பல்லி, அமித்தம்பட்டு, ஆம்பூர், திருப்பத்தூர்.
